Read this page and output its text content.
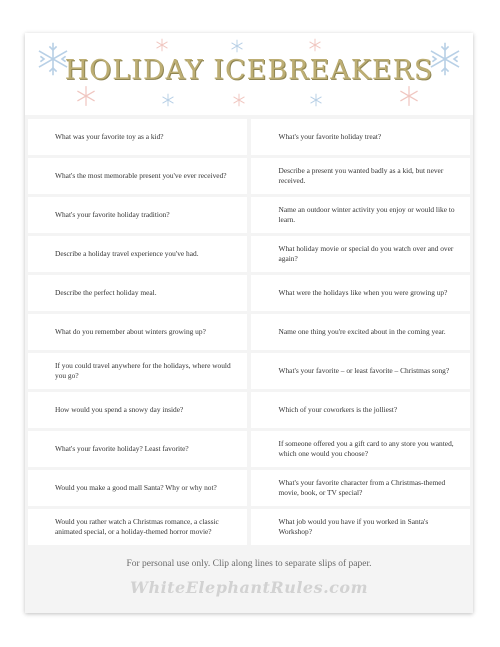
HOLIDAY ICEBREAKERS
What was your favorite toy as a kid?	What's your favorite holiday treat?
What's the most memorable present you've ever received?
Describe a present you wanted badly as a kid, but never received.
What's your favorite holiday tradition?
Name an outdoor winter activity you enjoy or would like to learn.
Describe a holiday travel experience you've had.
What holiday movie or special do you watch over and over again?
Describe the perfect holiday meal.	What were the holidays like when you were growing up?
What do you remember about winters growing up?	Name one thing you're excited about in the coming year.
If you could travel anywhere for the holidays, where would you go?
What's your favorite – or least favorite – Christmas song?
How would you spend a snowy day inside?	Which of your coworkers is the jolliest?
What's your favorite holiday? Least favorite?
If someone offered you a gift card to any store you wanted, which one would you choose?
Would you make a good mall Santa? Why or why not?
What's your favorite character from a Christmas-themed movie, book, or TV special?
Would you rather watch a Christmas romance, a classic animated special, or a holiday-themed horror movie?
What job would you have if you worked in Santa's Workshop?
For personal use only. Clip along lines to separate slips of paper.
WhiteElephantRules.com
